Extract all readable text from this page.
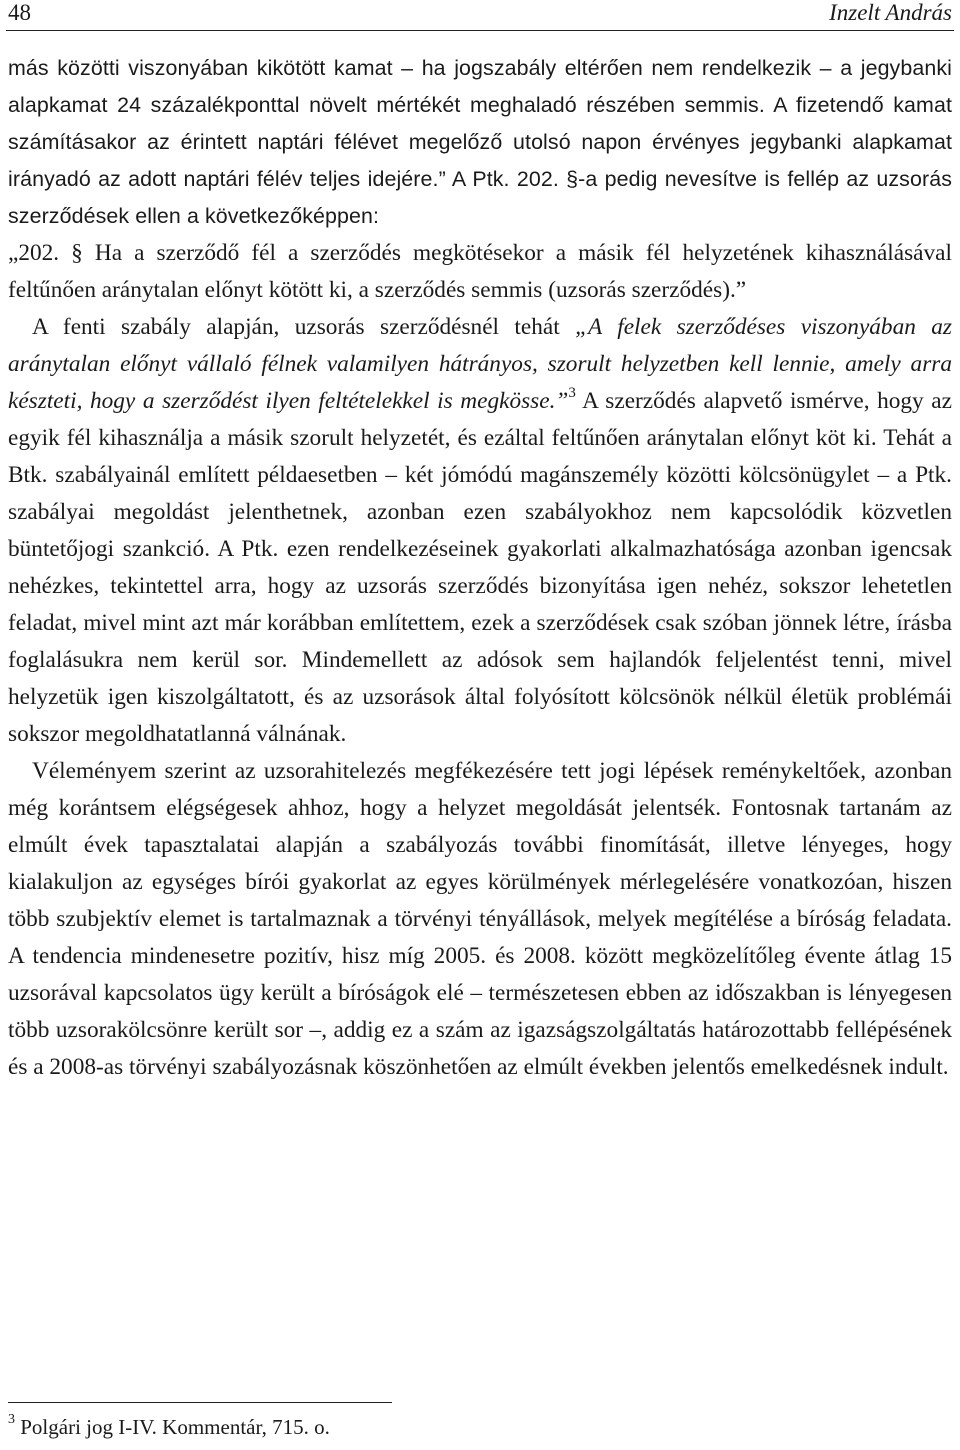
48	Inzelt András

más közötti viszonyában kikötött kamat – ha jogszabály eltérően nem rendelkezik – a jegybanki alapkamat 24 százalékponttal növelt mértékét meghaladó részében semmis. A fizetendő kamat számításakor az érintett naptári félévet megelőző utolsó napon érvényes jegybanki alapkamat irányadó az adott naptári félév teljes idejére.” A Ptk. 202. §-a pedig nevesítve is fellép az uzsorás szerződések ellen a következőképpen:

„202. § Ha a szerződő fél a szerződés megkötésekor a másik fél helyzetének kihasználásával feltűnően aránytalan előnyt kötött ki, a szerződés semmis (uzsorás szerződés).”

A fenti szabály alapján, uzsorás szerződésnél tehát „A felek szerződéses viszonyában az aránytalan előnyt vállaló félnek valamilyen hátrányos, szorult helyzetben kell lennie, amely arra készteti, hogy a szerződést ilyen feltételekkel is megkösse.”$^3$ A szerződés alapvető ismérve, hogy az egyik fél kihasználja a másik szorult helyzetét, és ezáltal feltűnően aránytalan előnyt köt ki. Tehát a Btk. szabályainál említett példaesetben – két jómódú magánszemély közötti kölcsönügylet – a Ptk. szabályai megoldást jelenthetnek, azonban ezen szabályokhoz nem kapcsolódik közvetlen büntetőjogi szankció. A Ptk. ezen rendelkezéseinek gyakorlati alkalmazhatósága azonban igencsak nehézkes, tekintettel arra, hogy az uzsorás szerződés bizonyítása igen nehéz, sokszor lehetetlen feladat, mivel mint azt már korábban említettem, ezek a szerződések csak szóban jönnek létre, írásba foglalásukra nem kerül sor. Mindemellett az adósok sem hajlandók feljelentést tenni, mivel helyzetük igen kiszolgáltatott, és az uzsorások által folyósított kölcsönök nélkül életük problémái sokszor megoldhatatlanná válnának.

Véleményem szerint az uzsorahitelezés megfékezésére tett jogi lépések reménykeltőek, azonban még korántsem elégségesek ahhoz, hogy a helyzet megoldását jelentsék. Fontosnak tartanám az elmúlt évek tapasztalatai alapján a szabályozás további finomítását, illetve lényeges, hogy kialakuljon az egységes bírói gyakorlat az egyes körülmények mérlegelésére vonatkozóan, hiszen több szubjektív elemet is tartalmaznak a törvényi tényállások, melyek megítélése a bíróság feladata. A tendencia mindenesetre pozitív, hisz míg 2005. és 2008. között megközelítőleg évente átlag 15 uzsorával kapcsolatos ügy került a bíróságok elé – természetesen ebben az időszakban is lényegesen több uzsorakölcsönre került sor –, addig ez a szám az igazságszolgáltatás határozottabb fellépésének és a 2008-as törvényi szabályozásnak köszönhetően az elmúlt években jelentős emelkedésnek indult.

$^3$ Polgári jog I-IV. Kommentár, 715. o.
